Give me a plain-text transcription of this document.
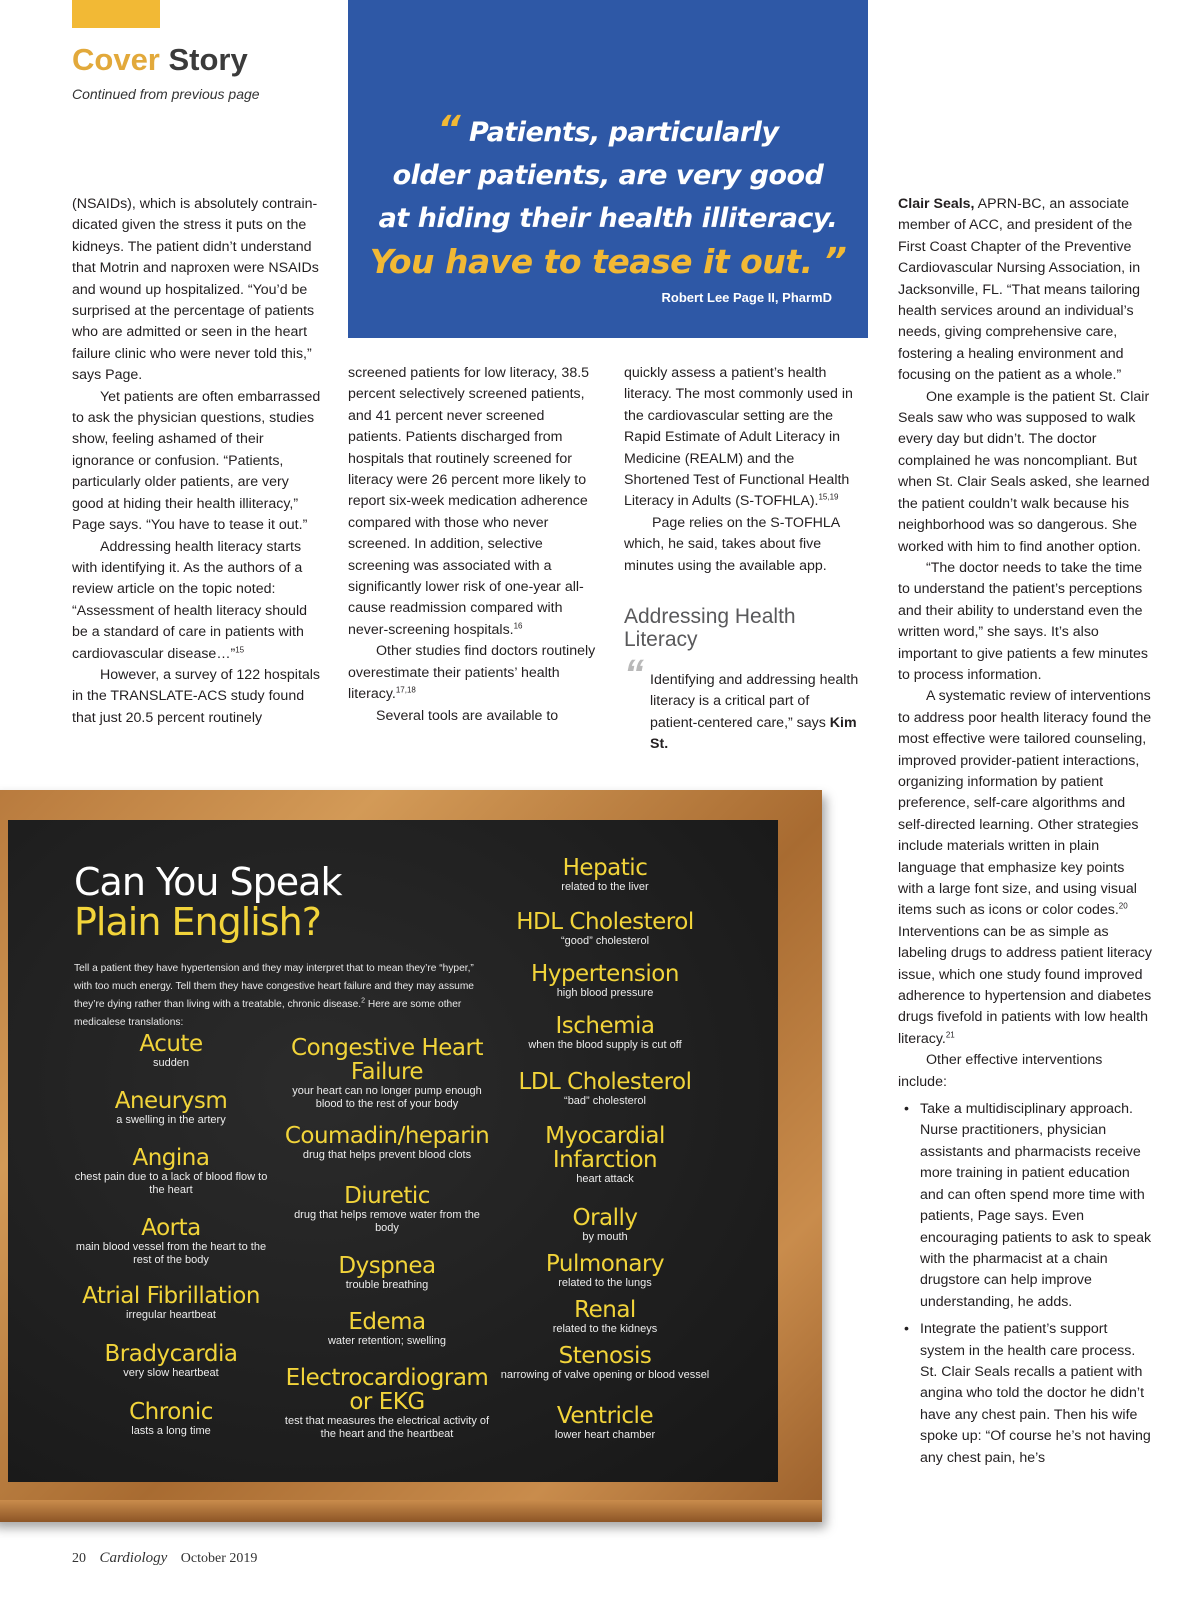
Cover Story
Continued from previous page

(NSAIDs), which is absolutely contraindicated given the stress it puts on the kidneys. The patient didn’t understand that Motrin and naproxen were NSAIDs and wound up hospitalized. “You’d be surprised at the percentage of patients who are admitted or seen in the heart failure clinic who were never told this,” says Page.

Yet patients are often embarrassed to ask the physician questions, studies show, feeling ashamed of their ignorance or confusion. “Patients, particularly older patients, are very good at hiding their health illiteracy,” Page says. “You have to tease it out.”

Addressing health literacy starts with identifying it. As the authors of a review article on the topic noted: “Assessment of health literacy should be a standard of care in patients with cardiovascular disease…”$^{15}$

However, a survey of 122 hospitals in the TRANSLATE-ACS study found that just 20.5 percent routinely

“ Patients, particularly
older patients, are very good
at hiding their health illiteracy.
You have to tease it out. ”
Robert Lee Page II, PharmD

screened patients for low literacy, 38.5 percent selectively screened patients, and 41 percent never screened patients. Patients discharged from hospitals that routinely screened for literacy were 26 percent more likely to report six-week medication adherence compared with those who never screened. In addition, selective screening was associated with a significantly lower risk of one-year all-cause readmission compared with never-screening hospitals.$^{16}$

Other studies find doctors routinely overestimate their patients’ health literacy.$^{17,18}$

Several tools are available to

quickly assess a patient’s health literacy. The most commonly used in the cardiovascular setting are the Rapid Estimate of Adult Literacy in Medicine (REALM) and the Shortened Test of Functional Health Literacy in Adults (S-TOFHLA).$^{15,19}$

Page relies on the S-TOFHLA which, he said, takes about five minutes using the available app.

Addressing Health Literacy
“ Identifying and addressing health literacy is a critical part of patient-centered care,” says Kim St.

Clair Seals, APRN-BC, an associate member of ACC, and president of the First Coast Chapter of the Preventive Cardiovascular Nursing Association, in Jacksonville, FL. “That means tailoring health services around an individual’s needs, giving comprehensive care, fostering a healing environment and focusing on the patient as a whole.”

One example is the patient St. Clair Seals saw who was supposed to walk every day but didn’t. The doctor complained he was noncompliant. But when St. Clair Seals asked, she learned the patient couldn’t walk because his neighborhood was so dangerous. She worked with him to find another option.

“The doctor needs to take the time to understand the patient’s perceptions and their ability to understand even the written word,” she says. It’s also important to give patients a few minutes to process information.

A systematic review of interventions to address poor health literacy found the most effective were tailored counseling, improved provider-patient interactions, organizing information by patient preference, self-care algorithms and self-directed learning. Other strategies include materials written in plain language that emphasize key points with a large font size, and using visual items such as icons or color codes.$^{20}$ Interventions can be as simple as labeling drugs to address patient literacy issue, which one study found improved adherence to hypertension and diabetes drugs fivefold in patients with low health literacy.$^{21}$

Other effective interventions include:

• Take a multidisciplinary approach. Nurse practitioners, physician assistants and pharmacists receive more training in patient education and can often spend more time with patients, Page says. Even encouraging patients to ask to speak with the pharmacist at a chain drugstore can help improve understanding, he adds.
• Integrate the patient’s support system in the health care process. St. Clair Seals recalls a patient with angina who told the doctor he didn’t have any chest pain. Then his wife spoke up: “Of course he’s not having any chest pain, he’s
Can You Speak
Plain English?
Tell a patient they have hypertension and they may interpret that to mean they’re “hyper,” with too much energy. Tell them they have congestive heart failure and they may assume they’re dying rather than living with a treatable, chronic disease.$^2$ Here are some other medicalese translations:
Acute
sudden
Aneurysm
a swelling in the artery
Angina
chest pain due to a lack of blood flow to the heart
Aorta
main blood vessel from the heart to the rest of the body
Atrial Fibrillation
irregular heartbeat
Bradycardia
very slow heartbeat
Chronic
lasts a long time
Congestive Heart Failure
your heart can no longer pump enough blood to the rest of your body
Coumadin/heparin
drug that helps prevent blood clots
Diuretic
drug that helps remove water from the body
Dyspnea
trouble breathing
Edema
water retention; swelling
Electrocardiogram or EKG
test that measures the electrical activity of the heart and the heartbeat
Hepatic
related to the liver
HDL Cholesterol
“good” cholesterol
Hypertension
high blood pressure
Ischemia
when the blood supply is cut off
LDL Cholesterol
“bad” cholesterol
Myocardial Infarction
heart attack
Orally
by mouth
Pulmonary
related to the lungs
Renal
related to the kidneys
Stenosis
narrowing of valve opening or blood vessel
Ventricle
lower heart chamber
20 Cardiology October 2019
